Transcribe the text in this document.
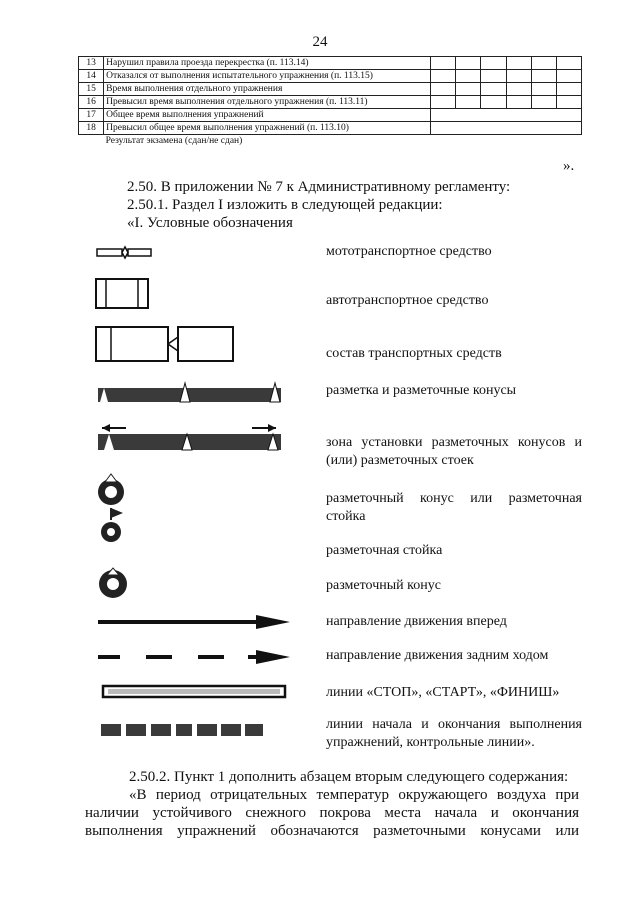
24
13	Нарушил правила проезда перекрестка (п. 113.14)						
14	Отказался от выполнения испытательного упражнения (п. 113.15)						
15	Время выполнения отдельного упражнения						
16	Превысил время выполнения отдельного упражнения (п. 113.11)						
17	Общее время выполнения упражнений						
18	Превысил общее время выполнения упражнений (п. 113.10)						
	Результат экзамена (сдан/не сдан)						
».
2.50. В приложении № 7 к Административному регламенту:
2.50.1. Раздел I изложить в следующей редакции:
«I. Условные обозначения
мототранспортное средство
автотранспортное средство
состав транспортных средств
разметка и разметочные конусы
зона установки разметочных конусов и
(или) разметочных стоек
разметочный конус или разметочная
стойка
разметочная стойка
разметочный конус
направление движения вперед
направление движения задним ходом
линии «СТОП», «СТАРТ», «ФИНИШ»
линии начала и окончания выполнения
упражнений, контрольные линии».
2.50.2. Пункт 1 дополнить абзацем вторым следующего содержания:
«В период отрицательных температур окружающего воздуха при
наличии устойчивого снежного покрова места начала и окончания
выполнения упражнений обозначаются разметочными конусами или
